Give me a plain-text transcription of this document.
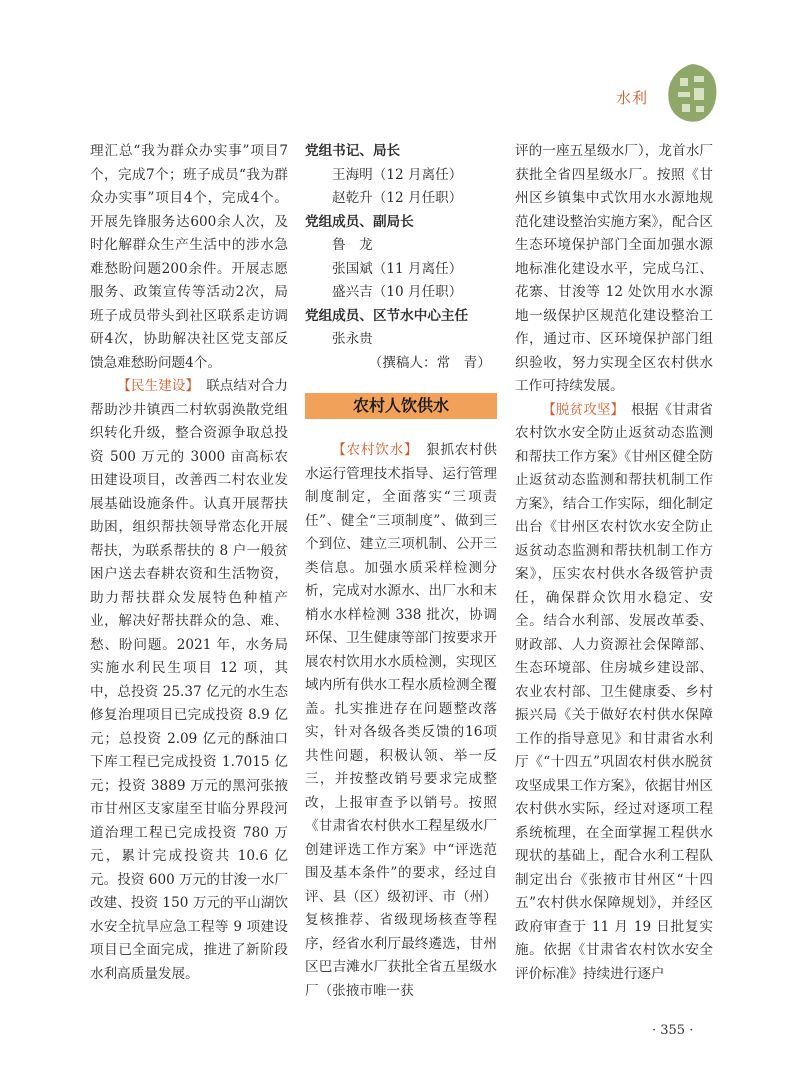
水利

理汇总“我为群众办实事”项目7个，完成7个；班子成员“我为群众办实事”项目4个，完成4个。开展先锋服务达600余人次，及时化解群众生产生活中的涉水急难愁盼问题200余件。开展志愿服务、政策宣传等活动2次，局班子成员带头到社区联系走访调研4次，协助解决社区党支部反馈急难愁盼问题4个。

【民生建设】　 联点结对合力帮助沙井镇西二村软弱涣散党组织转化升级，整合资源争取总投资 500 万元的 3000 亩高标农田建设项目，改善西二村农业发展基础设施条件。认真开展帮扶助困，组织帮扶领导常态化开展帮扶，为联系帮扶的 8 户一般贫困户送去春耕农资和生活物资，助力帮扶群众发展特色种植产业，解决好帮扶群众的急、难、愁、盼问题。2021 年，水务局实施水利民生项目 12 项，其中，总投资 25.37 亿元的水生态修复治理项目已完成投资 8.9 亿元；总投资 2.09 亿元的酥油口下库工程已完成投资 1.7015 亿元；投资 3889 万元的黑河张掖市甘州区支家崖至甘临分界段河道治理工程已完成投资 780 万元，累计完成投资共 10.6 亿元。投资 600 万元的甘浚一水厂改建、投资 150 万元的平山湖饮水安全抗旱应急工程等 9 项建设项目已全面完成，推进了新阶段水利高质量发展。

党组书记、局长

王海明（12 月离任）

赵乾升（12 月任职）

党组成员、副局长

鲁　龙

张国斌（11 月离任）

盛兴吉（10 月任职）

党组成员、区节水中心主任

张永贵

（撰稿人：常　青）

农村人饮供水

【农村饮水】　 狠抓农村供水运行管理技术指导、运行管理制度制定，全面落实“三项责任”、健全“三项制度”、做到三个到位、建立三项机制、公开三类信息。加强水质采样检测分析，完成对水源水、出厂水和末梢水水样检测 338 批次，协调环保、卫生健康等部门按要求开展农村饮用水水质检测，实现区域内所有供水工程水质检测全覆盖。扎实推进存在问题整改落实，针对各级各类反馈的16项共性问题，积极认领、举一反三，并按整改销号要求完成整改，上报审查予以销号。按照《甘肃省农村供水工程星级水厂创建评选工作方案》中“评选范围及基本条件”的要求，经过自评、县（区）级初评、市（州）复核推荐、省级现场核查等程序，经省水利厅最终遴选，甘州区巴吉滩水厂获批全省五星级水厂（张掖市唯一获

评的一座五星级水厂），龙首水厂获批全省四星级水厂。按照《甘州区乡镇集中式饮用水水源地规范化建设整治实施方案》，配合区生态环境保护部门全面加强水源地标准化建设水平，完成乌江、花寨、甘浚等 12 处饮用水水源地一级保护区规范化建设整治工作，通过市、区环境保护部门组织验收，努力实现全区农村供水工作可持续发展。

【脱贫攻坚】　 根据《甘肃省农村饮水安全防止返贫动态监测和帮扶工作方案》《甘州区健全防止返贫动态监测和帮扶机制工作方案》，结合工作实际，细化制定出台《甘州区农村饮水安全防止返贫动态监测和帮扶机制工作方案》，压实农村供水各级管护责任，确保群众饮用水稳定、安全。结合水利部、发展改革委、财政部、人力资源社会保障部、生态环境部、住房城乡建设部、农业农村部、卫生健康委、乡村振兴局《关于做好农村供水保障工作的指导意见》和甘肃省水利厅《“十四五”巩固农村供水脱贫攻坚成果工作方案》，依据甘州区农村供水实际，经过对逐项工程系统梳理，在全面掌握工程供水现状的基础上，配合水利工程队制定出台《张掖市甘州区“十四五”农村供水保障规划》，并经区政府审查于 11 月 19 日批复实施。依据《甘肃省农村饮水安全评价标准》持续进行逐户

· 355 ·
